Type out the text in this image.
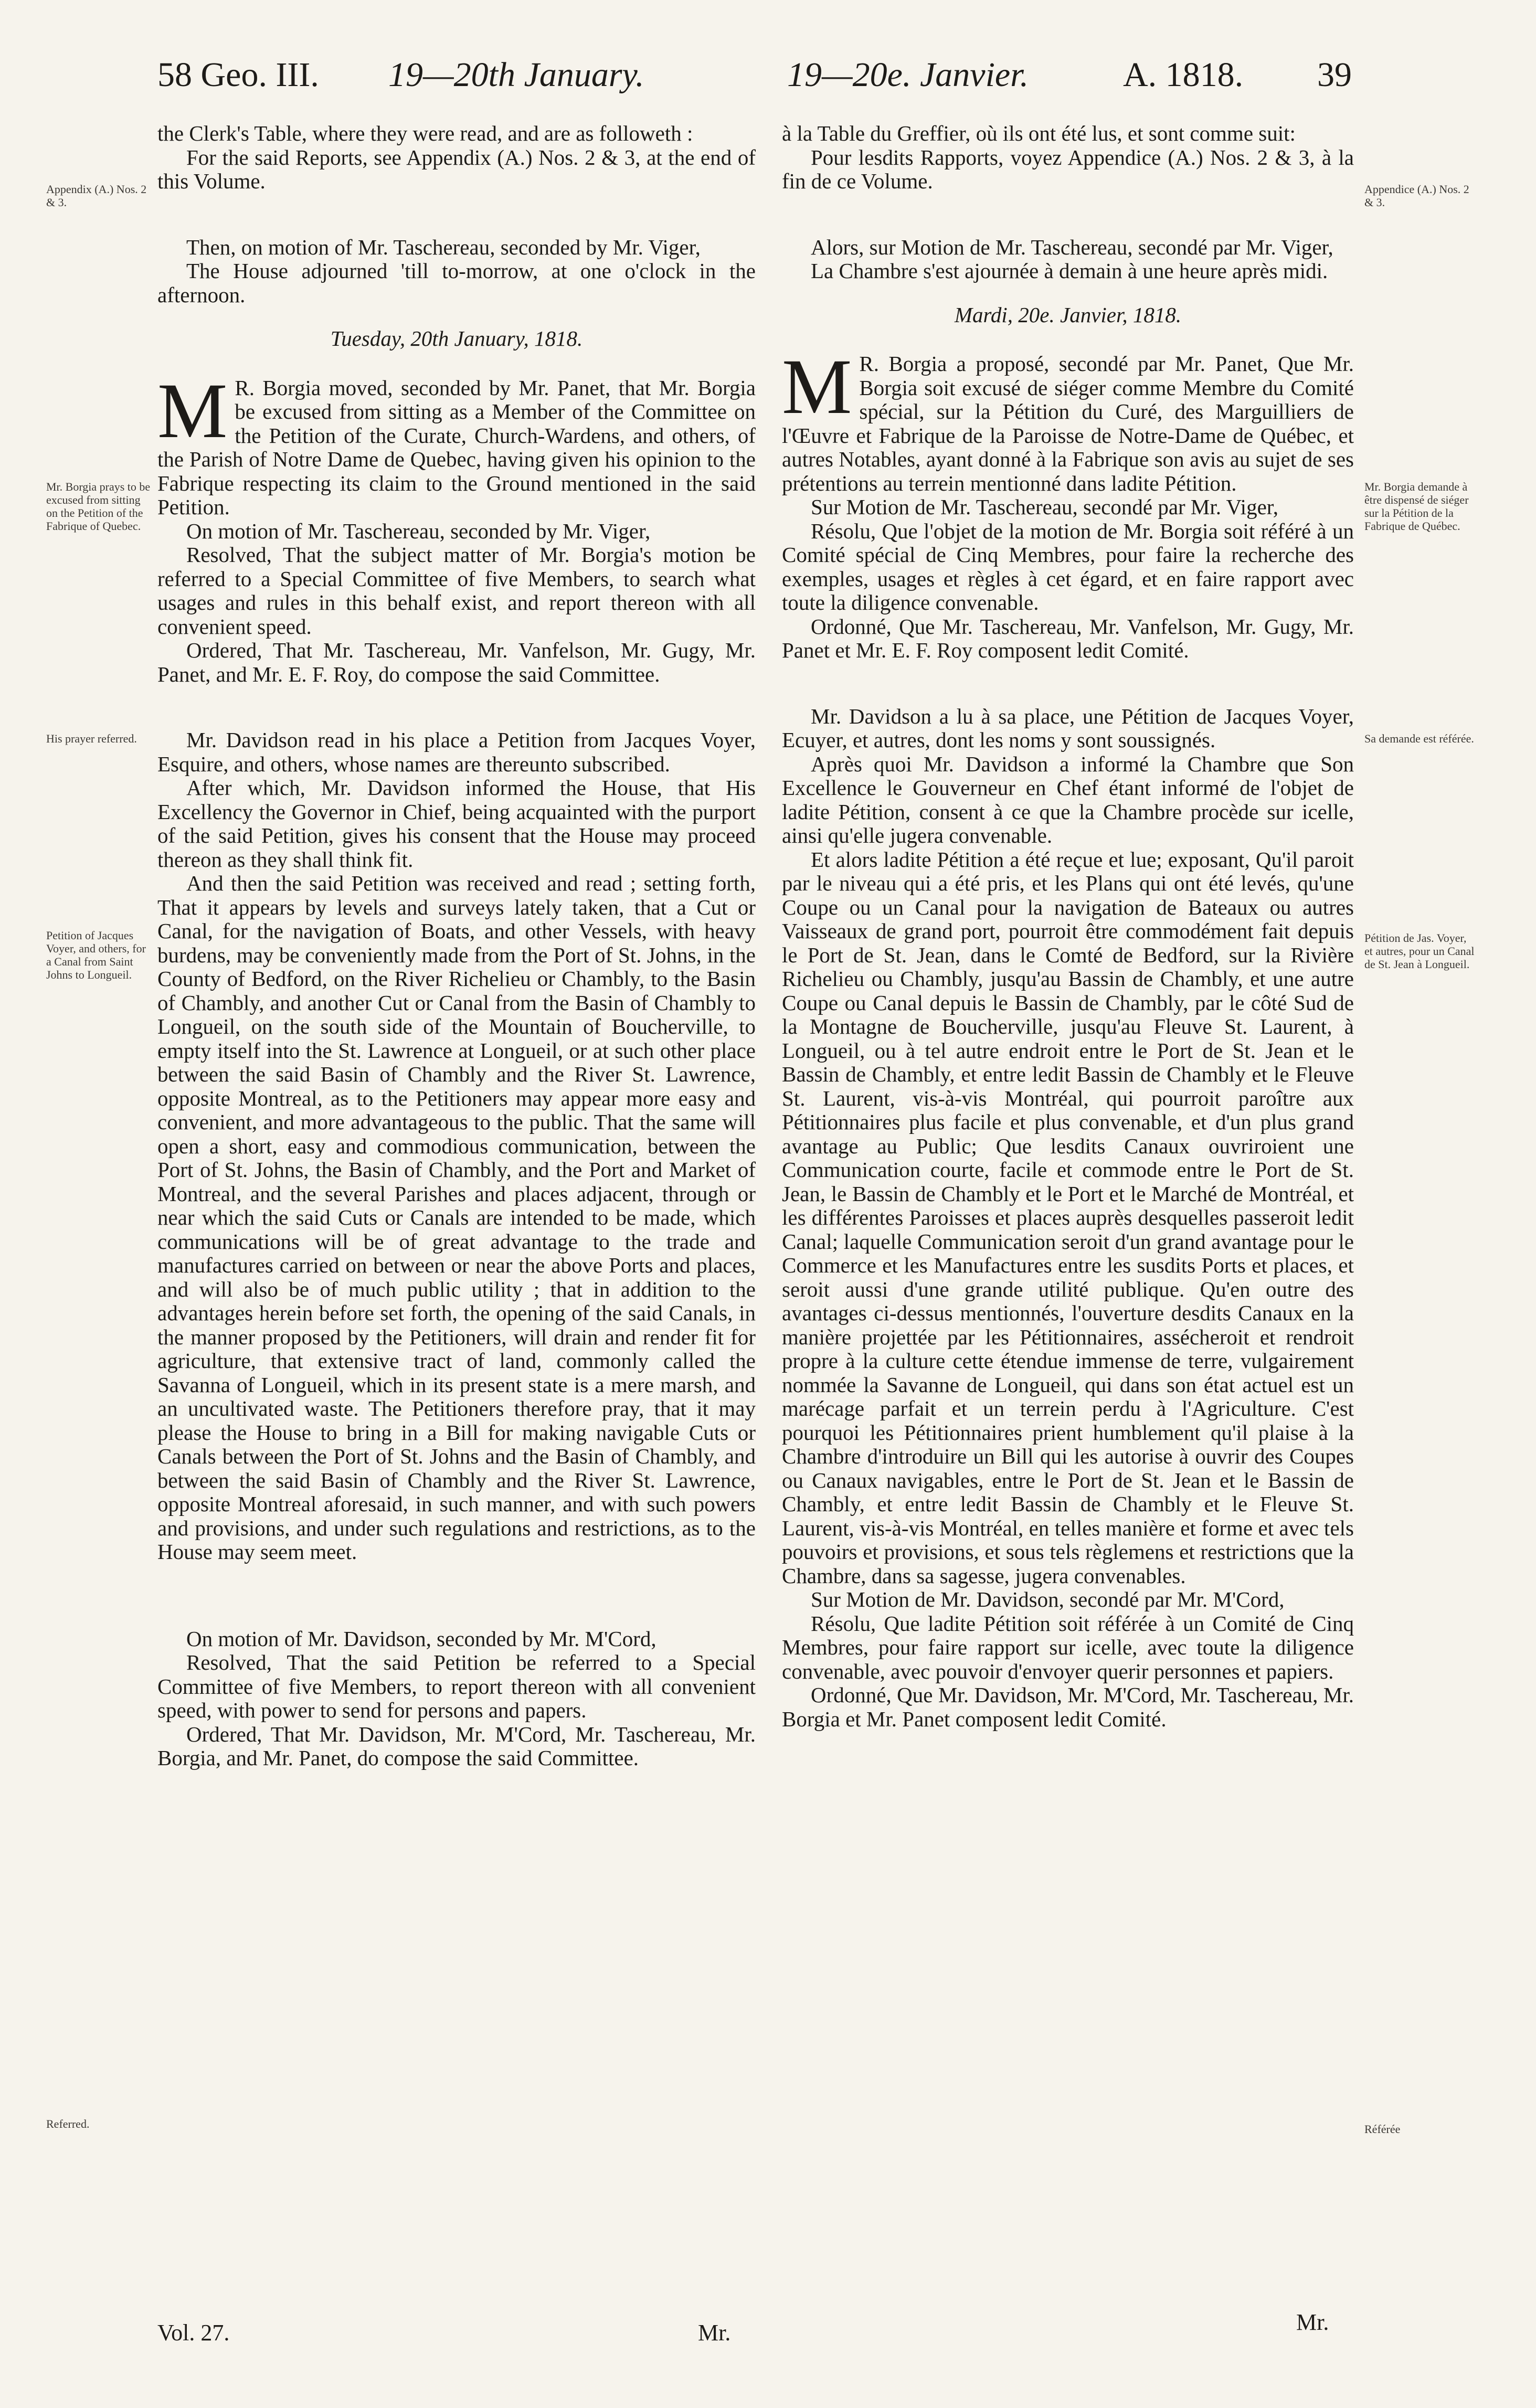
58 Geo. III. 19—20th January.	19—20e. Janvier.	A. 1818. 39
Appendix (A.) Nos. 2 & 3.
Mr. Borgia prays to be excused from sitting on the Petition of the Fabrique of Quebec.
His prayer referred.
Petition of Jacques Voyer, and others, for a Canal from Saint Johns to Longueil.
Referred.
Appendice (A.) Nos. 2 & 3.
Mr. Borgia demande à être dispensé de siéger sur la Pétition de la Fabrique de Québec.
Sa demande est référée.
Pétition de Jas. Voyer, et autres, pour un Canal de St. Jean à Longueil.
Référée

the Clerk's Table, where they were read, and are as followeth :

For the said Reports, see Appendix (A.) Nos. 2 & 3, at the end of this Volume.

Then, on motion of Mr. Taschereau, seconded by Mr. Viger,

The House adjourned 'till to-morrow, at one o'clock in the afternoon.

Tuesday, 20th January, 1818.

M R. Borgia moved, seconded by Mr. Panet, that Mr. Borgia be excused from sitting as a Member of the Committee on the Petition of the Curate, Church-Wardens, and others, of the Parish of Notre Dame de Quebec, having given his opinion to the Fabrique respecting its claim to the Ground mentioned in the said Petition.

On motion of Mr. Taschereau, seconded by Mr. Viger,

Resolved, That the subject matter of Mr. Borgia's motion be referred to a Special Committee of five Members, to search what usages and rules in this behalf exist, and report thereon with all convenient speed.

Ordered, That Mr. Taschereau, Mr. Vanfelson, Mr. Gugy, Mr. Panet, and Mr. E. F. Roy, do compose the said Committee.

Mr. Davidson read in his place a Petition from Jacques Voyer, Esquire, and others, whose names are thereunto subscribed.

After which, Mr. Davidson informed the House, that His Excellency the Governor in Chief, being acquainted with the purport of the said Petition, gives his consent that the House may proceed thereon as they shall think fit.

And then the said Petition was received and read ; setting forth, That it appears by levels and surveys lately taken, that a Cut or Canal, for the navigation of Boats, and other Vessels, with heavy burdens, may be conveniently made from the Port of St. Johns, in the County of Bedford, on the River Richelieu or Chambly, to the Basin of Chambly, and another Cut or Canal from the Basin of Chambly to Longueil, on the south side of the Mountain of Boucherville, to empty itself into the St. Lawrence at Longueil, or at such other place between the said Basin of Chambly and the River St. Lawrence, opposite Montreal, as to the Petitioners may appear more easy and convenient, and more advantageous to the public. That the same will open a short, easy and commodious communication, between the Port of St. Johns, the Basin of Chambly, and the Port and Market of Montreal, and the several Parishes and places adjacent, through or near which the said Cuts or Canals are intended to be made, which communications will be of great advantage to the trade and manufactures carried on between or near the above Ports and places, and will also be of much public utility ; that in addition to the advantages herein before set forth, the opening of the said Canals, in the manner proposed by the Petitioners, will drain and render fit for agriculture, that extensive tract of land, commonly called the Savanna of Longueil, which in its present state is a mere marsh, and an uncultivated waste. The Petitioners therefore pray, that it may please the House to bring in a Bill for making navigable Cuts or Canals between the Port of St. Johns and the Basin of Chambly, and between the said Basin of Chambly and the River St. Lawrence, opposite Montreal aforesaid, in such manner, and with such powers and provisions, and under such regulations and restrictions, as to the House may seem meet.

On motion of Mr. Davidson, seconded by Mr. M'Cord,

Resolved, That the said Petition be referred to a Special Committee of five Members, to report thereon with all convenient speed, with power to send for persons and papers.

Ordered, That Mr. Davidson, Mr. M'Cord, Mr. Taschereau, Mr. Borgia, and Mr. Panet, do compose the said Committee.

à la Table du Greffier, où ils ont été lus, et sont comme suit:

Pour lesdits Rapports, voyez Appendice (A.) Nos. 2 & 3, à la fin de ce Volume.

Alors, sur Motion de Mr. Taschereau, secondé par Mr. Viger,

La Chambre s'est ajournée à demain à une heure après midi.

Mardi, 20e. Janvier, 1818.

M R. Borgia a proposé, secondé par Mr. Panet, Que Mr. Borgia soit excusé de siéger comme Membre du Comité spécial, sur la Pétition du Curé, des Marguilliers de l'Œuvre et Fabrique de la Paroisse de Notre-Dame de Québec, et autres Notables, ayant donné à la Fabrique son avis au sujet de ses prétentions au terrein mentionné dans ladite Pétition.

Sur Motion de Mr. Taschereau, secondé par Mr. Viger,

Résolu, Que l'objet de la motion de Mr. Borgia soit référé à un Comité spécial de Cinq Membres, pour faire la recherche des exemples, usages et règles à cet égard, et en faire rapport avec toute la diligence convenable.

Ordonné, Que Mr. Taschereau, Mr. Vanfelson, Mr. Gugy, Mr. Panet et Mr. E. F. Roy composent ledit Comité.

Mr. Davidson a lu à sa place, une Pétition de Jacques Voyer, Ecuyer, et autres, dont les noms y sont soussignés.

Après quoi Mr. Davidson a informé la Chambre que Son Excellence le Gouverneur en Chef étant informé de l'objet de ladite Pétition, consent à ce que la Chambre procède sur icelle, ainsi qu'elle jugera convenable.

Et alors ladite Pétition a été reçue et lue; exposant, Qu'il paroit par le niveau qui a été pris, et les Plans qui ont été levés, qu'une Coupe ou un Canal pour la navigation de Bateaux ou autres Vaisseaux de grand port, pourroit être commodément fait depuis le Port de St. Jean, dans le Comté de Bedford, sur la Rivière Richelieu ou Chambly, jusqu'au Bassin de Chambly, et une autre Coupe ou Canal depuis le Bassin de Chambly, par le côté Sud de la Montagne de Boucherville, jusqu'au Fleuve St. Laurent, à Longueil, ou à tel autre endroit entre le Port de St. Jean et le Bassin de Chambly, et entre ledit Bassin de Chambly et le Fleuve St. Laurent, vis-à-vis Montréal, qui pourroit paroître aux Pétitionnaires plus facile et plus convenable, et d'un plus grand avantage au Public; Que lesdits Canaux ouvriroient une Communication courte, facile et commode entre le Port de St. Jean, le Bassin de Chambly et le Port et le Marché de Montréal, et les différentes Paroisses et places auprès desquelles passeroit ledit Canal; laquelle Communication seroit d'un grand avantage pour le Commerce et les Manufactures entre les susdits Ports et places, et seroit aussi d'une grande utilité publique. Qu'en outre des avantages ci-dessus mentionnés, l'ouverture desdits Canaux en la manière projettée par les Pétitionnaires, assécheroit et rendroit propre à la culture cette étendue immense de terre, vulgairement nommée la Savanne de Longueil, qui dans son état actuel est un marécage parfait et un terrein perdu à l'Agriculture. C'est pourquoi les Pétitionnaires prient humblement qu'il plaise à la Chambre d'introduire un Bill qui les autorise à ouvrir des Coupes ou Canaux navigables, entre le Port de St. Jean et le Bassin de Chambly, et entre ledit Bassin de Chambly et le Fleuve St. Laurent, vis-à-vis Montréal, en telles manière et forme et avec tels pouvoirs et provisions, et sous tels règlemens et restrictions que la Chambre, dans sa sagesse, jugera convenables.

Sur Motion de Mr. Davidson, secondé par Mr. M'Cord,

Résolu, Que ladite Pétition soit référée à un Comité de Cinq Membres, pour faire rapport sur icelle, avec toute la diligence convenable, avec pouvoir d'envoyer querir personnes et papiers.

Ordonné, Que Mr. Davidson, Mr. M'Cord, Mr. Taschereau, Mr. Borgia et Mr. Panet composent ledit Comité.

Vol. 27.	Mr.	Mr.
